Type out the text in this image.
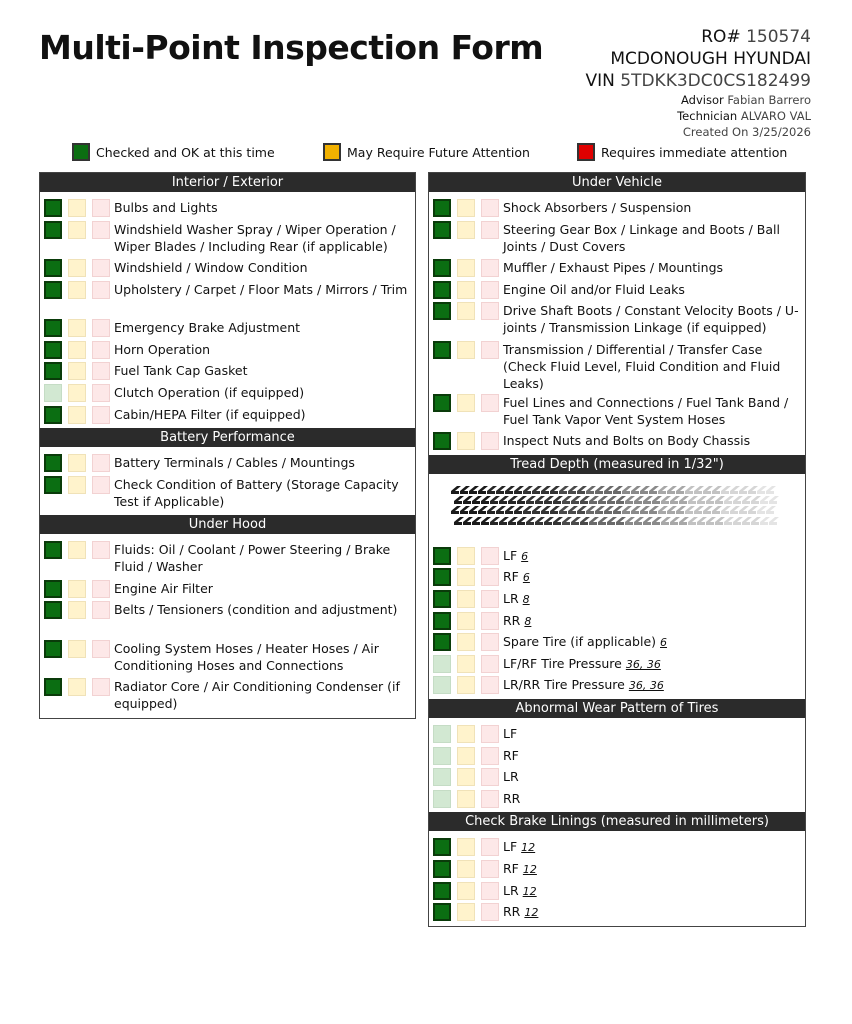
Multi-Point Inspection Form	RO# 150574
MCDONOUGH HYUNDAI
VIN 5TDKK3DC0CS182499
Advisor Fabian Barrero
Technician ALVARO VAL
Created On 3/25/2026
Checked and OK at this time	May Require Future Attention	Requires immediate attention
Interior / Exterior
Bulbs and Lights
Windshield Washer Spray / Wiper Operation / Wiper Blades / Including Rear (if applicable)
Windshield / Window Condition
Upholstery / Carpet / Floor Mats / Mirrors / Trim
Emergency Brake Adjustment
Horn Operation
Fuel Tank Cap Gasket
Clutch Operation (if equipped)
Cabin/HEPA Filter (if equipped)
Battery Performance
Battery Terminals / Cables / Mountings
Check Condition of Battery (Storage Capacity Test if Applicable)
Under Hood
Fluids: Oil / Coolant / Power Steering / Brake Fluid / Washer
Engine Air Filter
Belts / Tensioners (condition and adjustment)
Cooling System Hoses / Heater Hoses / Air Conditioning Hoses and Connections
Radiator Core / Air Conditioning Condenser (if equipped)
Under Vehicle
Shock Absorbers / Suspension
Steering Gear Box / Linkage and Boots / Ball Joints / Dust Covers
Muffler / Exhaust Pipes / Mountings
Engine Oil and/or Fluid Leaks
Drive Shaft Boots / Constant Velocity Boots / U-joints / Transmission Linkage (if equipped)
Transmission / Differential / Transfer Case (Check Fluid Level, Fluid Condition and Fluid Leaks)
Fuel Lines and Connections / Fuel Tank Band / Fuel Tank Vapor Vent System Hoses
Inspect Nuts and Bolts on Body Chassis
Tread Depth (measured in 1/32")
LF 6
RF 6
LR 8
RR 8
Spare Tire (if applicable) 6
LF/RF Tire Pressure 36, 36
LR/RR Tire Pressure 36, 36
Abnormal Wear Pattern of Tires
LF
RF
LR
RR
Check Brake Linings (measured in millimeters)
LF 12
RF 12
LR 12
RR 12
